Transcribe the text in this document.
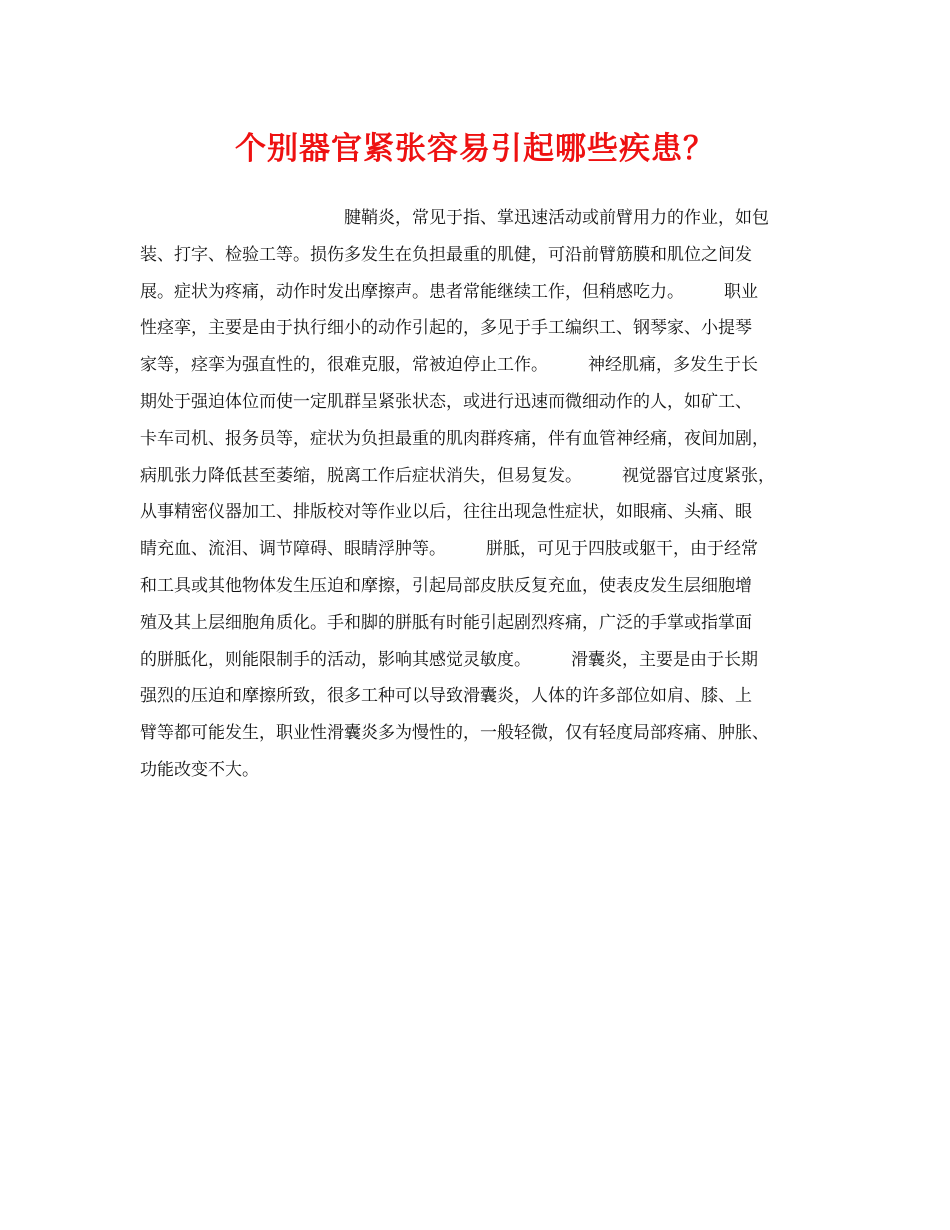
个别器官紧张容易引起哪些疾患？
腱鞘炎，常见于指、掌迅速活动或前臂用力的作业，如包
装、打字、检验工等。损伤多发生在负担最重的肌健，可沿前臂筋膜和肌位之间发
展。症状为疼痛，动作时发出摩擦声。患者常能继续工作，但稍感吃力。 职业
性痉挛，主要是由于执行细小的动作引起的，多见于手工编织工、钢琴家、小提琴
家等，痉挛为强直性的，很难克服，常被迫停止工作。 神经肌痛，多发生于长
期处于强迫体位而使一定肌群呈紧张状态，或进行迅速而微细动作的人，如矿工、
卡车司机、报务员等，症状为负担最重的肌肉群疼痛，伴有血管神经痛，夜间加剧，
病肌张力降低甚至萎缩，脱离工作后症状消失，但易复发。 视觉器官过度紧张，
从事精密仪器加工、排版校对等作业以后，往往出现急性症状，如眼痛、头痛、眼
睛充血、流泪、调节障碍、眼睛浮肿等。 胼胝，可见于四肢或躯干，由于经常
和工具或其他物体发生压迫和摩擦，引起局部皮肤反复充血，使表皮发生层细胞增
殖及其上层细胞角质化。手和脚的胼胝有时能引起剧烈疼痛，广泛的手掌或指掌面
的胼胝化，则能限制手的活动，影响其感觉灵敏度。 滑囊炎，主要是由于长期
强烈的压迫和摩擦所致，很多工种可以导致滑囊炎，人体的许多部位如肩、膝、上
臂等都可能发生，职业性滑囊炎多为慢性的，一般轻微，仅有轻度局部疼痛、肿胀、
功能改变不大。
